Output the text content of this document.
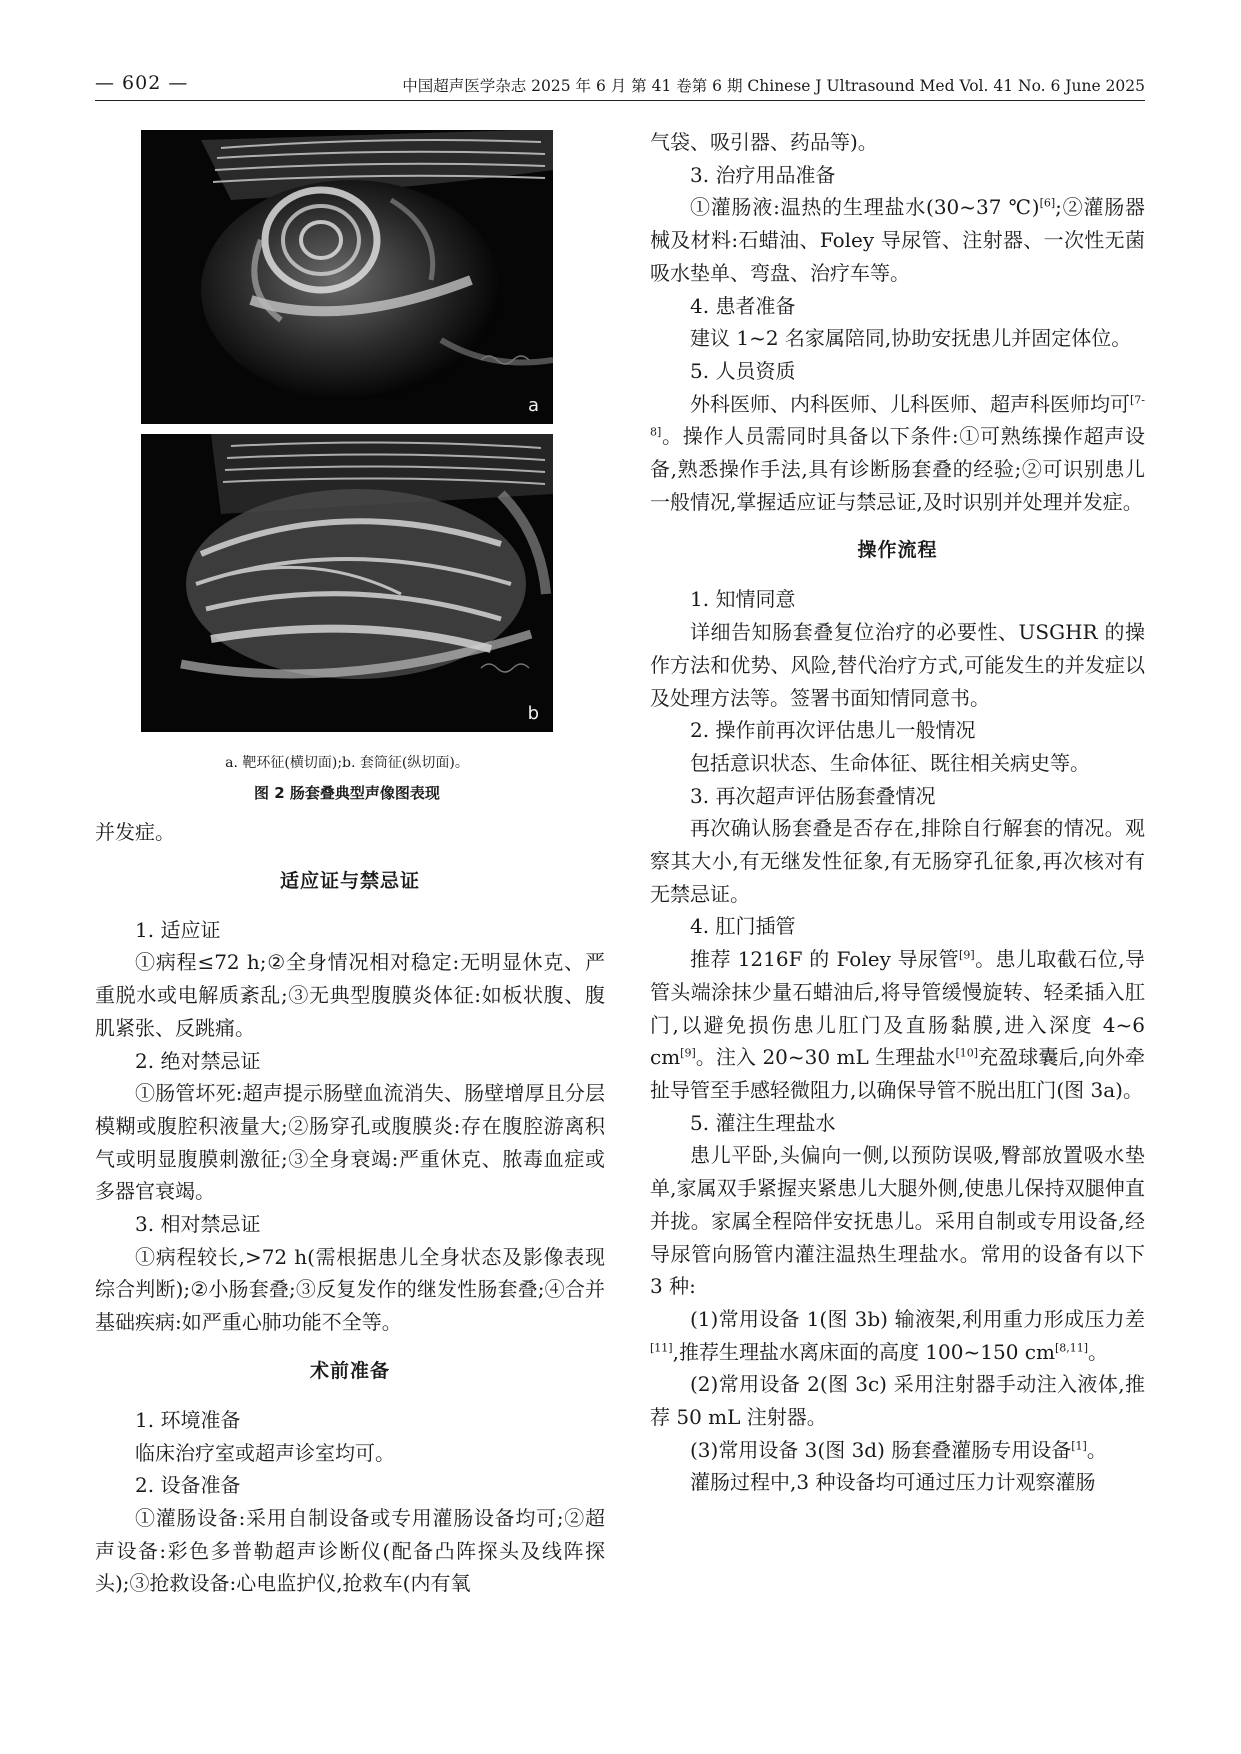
— 602 —	中国超声医学杂志 2025 年 6 月 第 41 卷第 6 期 Chinese J Ultrasound Med Vol. 41 No. 6 June 2025
a
b
a. 靶环征(横切面);b. 套筒征(纵切面)。
图 2 肠套叠典型声像图表现

并发症。

适应证与禁忌证

1. 适应证

①病程≤72 h;②全身情况相对稳定:无明显休克、严重脱水或电解质紊乱;③无典型腹膜炎体征:如板状腹、腹肌紧张、反跳痛。

2. 绝对禁忌证

①肠管坏死:超声提示肠壁血流消失、肠壁增厚且分层模糊或腹腔积液量大;②肠穿孔或腹膜炎:存在腹腔游离积气或明显腹膜刺激征;③全身衰竭:严重休克、脓毒血症或多器官衰竭。

3. 相对禁忌证

①病程较长,>72 h(需根据患儿全身状态及影像表现综合判断);②小肠套叠;③反复发作的继发性肠套叠;④合并基础疾病:如严重心肺功能不全等。

术前准备

1. 环境准备

临床治疗室或超声诊室均可。

2. 设备准备

①灌肠设备:采用自制设备或专用灌肠设备均可;②超声设备:彩色多普勒超声诊断仪(配备凸阵探头及线阵探头);③抢救设备:心电监护仪,抢救车(内有氧

气袋、吸引器、药品等)。

3. 治疗用品准备

①灌肠液:温热的生理盐水(30~37 ℃)[6];②灌肠器械及材料:石蜡油、Foley 导尿管、注射器、一次性无菌吸水垫单、弯盘、治疗车等。

4. 患者准备

建议 1~2 名家属陪同,协助安抚患儿并固定体位。

5. 人员资质

外科医师、内科医师、儿科医师、超声科医师均可[7-8]。操作人员需同时具备以下条件:①可熟练操作超声设备,熟悉操作手法,具有诊断肠套叠的经验;②可识别患儿一般情况,掌握适应证与禁忌证,及时识别并处理并发症。

操作流程

1. 知情同意

详细告知肠套叠复位治疗的必要性、USGHR 的操作方法和优势、风险,替代治疗方式,可能发生的并发症以及处理方法等。签署书面知情同意书。

2. 操作前再次评估患儿一般情况

包括意识状态、生命体征、既往相关病史等。

3. 再次超声评估肠套叠情况

再次确认肠套叠是否存在,排除自行解套的情况。观察其大小,有无继发性征象,有无肠穿孔征象,再次核对有无禁忌证。

4. 肛门插管

推荐 1216F 的 Foley 导尿管[9]。患儿取截石位,导管头端涂抹少量石蜡油后,将导管缓慢旋转、轻柔插入肛门,以避免损伤患儿肛门及直肠黏膜,进入深度 4~6 cm[9]。注入 20~30 mL 生理盐水[10]充盈球囊后,向外牵扯导管至手感轻微阻力,以确保导管不脱出肛门(图 3a)。

5. 灌注生理盐水

患儿平卧,头偏向一侧,以预防误吸,臀部放置吸水垫单,家属双手紧握夹紧患儿大腿外侧,使患儿保持双腿伸直并拢。家属全程陪伴安抚患儿。采用自制或专用设备,经导尿管向肠管内灌注温热生理盐水。常用的设备有以下 3 种:

(1)常用设备 1(图 3b) 输液架,利用重力形成压力差[11],推荐生理盐水离床面的高度 100~150 cm[8,11]。

(2)常用设备 2(图 3c) 采用注射器手动注入液体,推荐 50 mL 注射器。

(3)常用设备 3(图 3d) 肠套叠灌肠专用设备[1]。

灌肠过程中,3 种设备均可通过压力计观察灌肠
